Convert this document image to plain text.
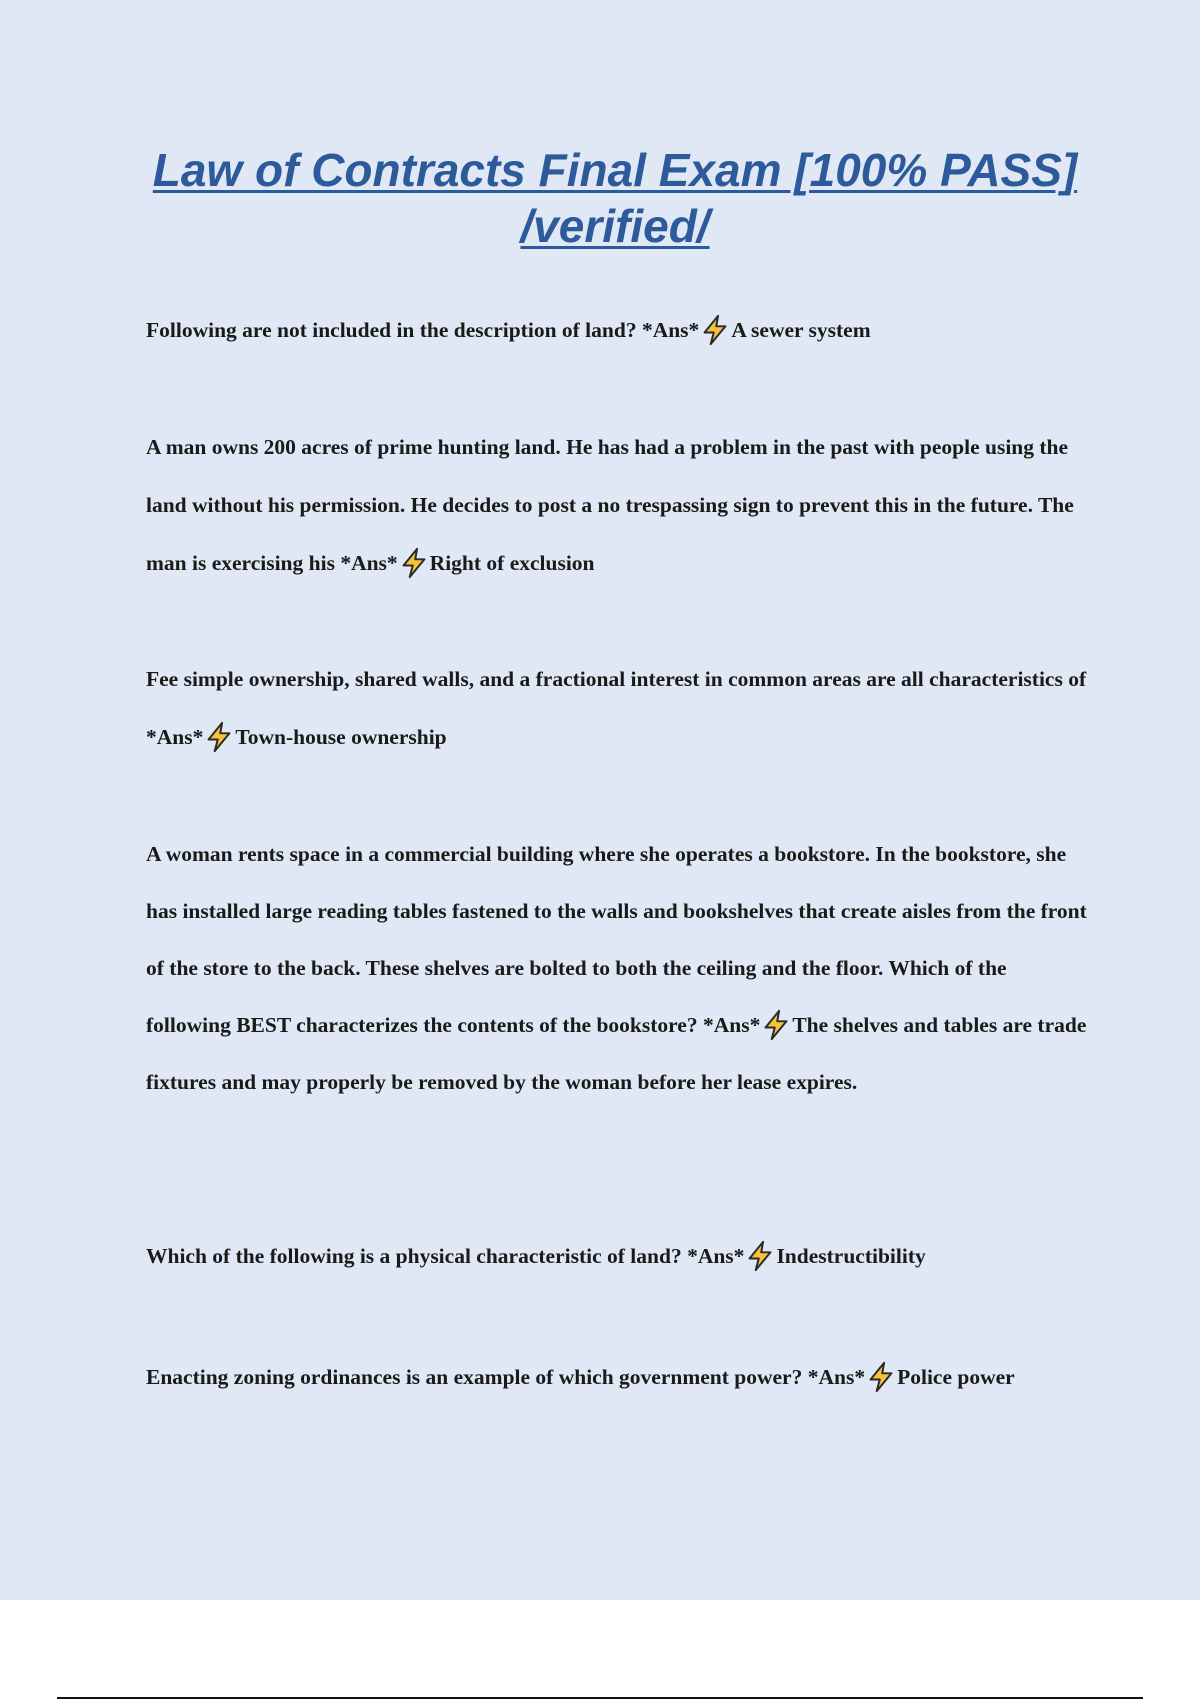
Law of Contracts Final Exam [100% PASS] /verified/

Following are not included in the description of land? *Ans* A sewer system

A man owns 200 acres of prime hunting land. He has had a problem in the past with people using the land without his permission. He decides to post a no trespassing sign to prevent this in the future. The man is exercising his *Ans* Right of exclusion

Fee simple ownership, shared walls, and a fractional interest in common areas are all characteristics of *Ans* Town-house ownership

A woman rents space in a commercial building where she operates a bookstore. In the bookstore, she has installed large reading tables fastened to the walls and bookshelves that create aisles from the front of the store to the back. These shelves are bolted to both the ceiling and the floor. Which of the following BEST characterizes the contents of the bookstore? *Ans* The shelves and tables are trade fixtures and may properly be removed by the woman before her lease expires.

Which of the following is a physical characteristic of land? *Ans* Indestructibility

Enacting zoning ordinances is an example of which government power? *Ans* Police power
